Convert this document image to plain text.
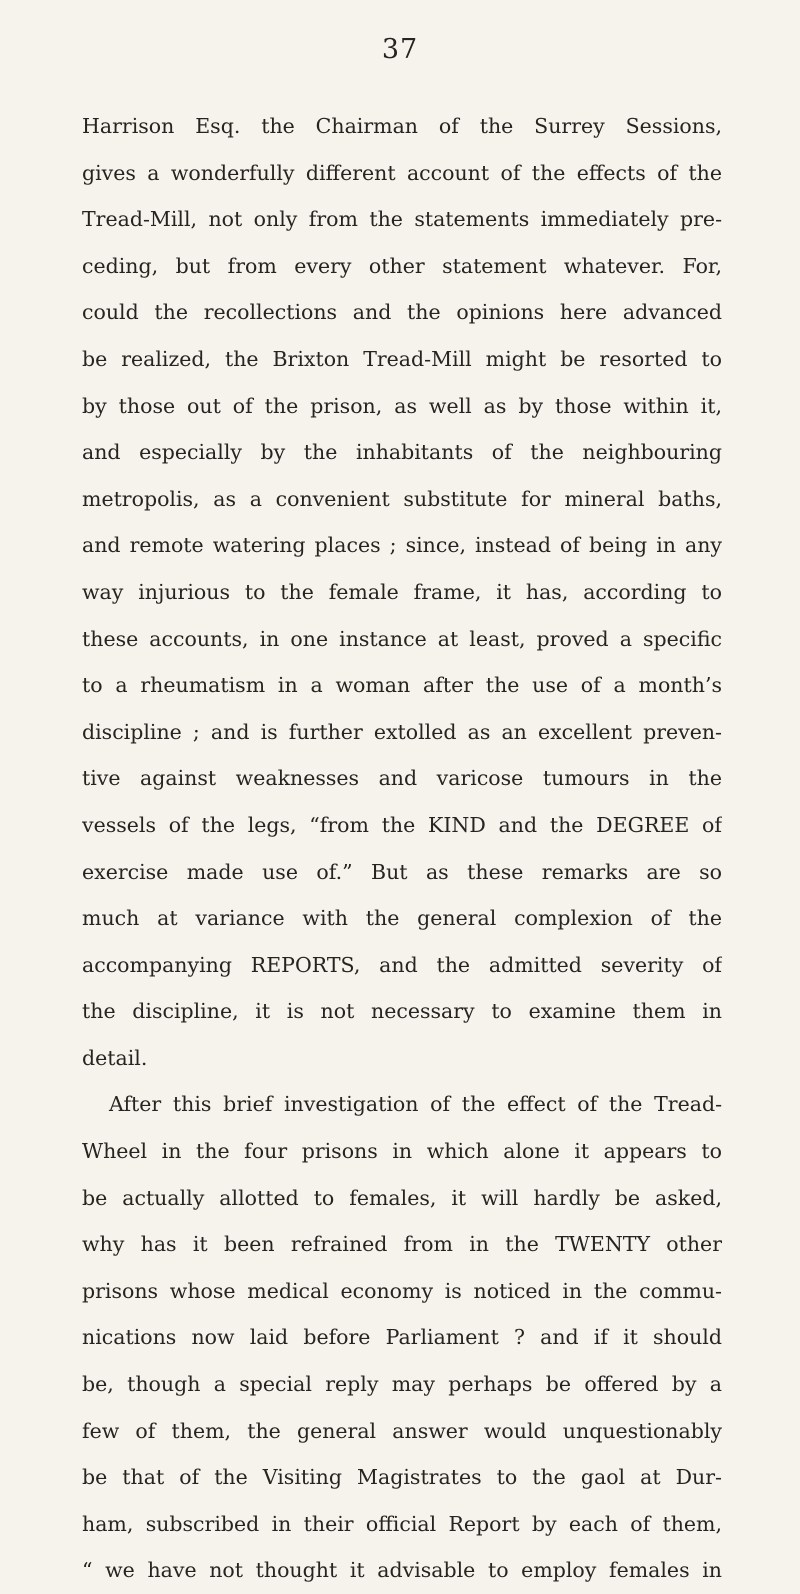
37
Harrison Esq. the Chairman of the Surrey Sessions,
gives a wonderfully different account of the effects of the
Tread-Mill, not only from the statements immediately pre-
ceding, but from every other statement whatever. For,
could the recollections and the opinions here advanced
be realized, the Brixton Tread-Mill might be resorted to
by those out of the prison, as well as by those within it,
and especially by the inhabitants of the neighbouring
metropolis, as a convenient substitute for mineral baths,
and remote watering places ; since, instead of being in any
way injurious to the female frame, it has, according to
these accounts, in one instance at least, proved a specific
to a rheumatism in a woman after the use of a month’s
discipline ; and is further extolled as an excellent preven-
tive against weaknesses and varicose tumours in the
vessels of the legs, “from the KIND and the DEGREE of
exercise made use of.” But as these remarks are so
much at variance with the general complexion of the
accompanying REPORTS, and the admitted severity of
the discipline, it is not necessary to examine them in
detail.
After this brief investigation of the effect of the Tread-
Wheel in the four prisons in which alone it appears to
be actually allotted to females, it will hardly be asked,
why has it been refrained from in the TWENTY other
prisons whose medical economy is noticed in the commu-
nications now laid before Parliament ? and if it should
be, though a special reply may perhaps be offered by a
few of them, the general answer would unquestionably
be that of the Visiting Magistrates to the gaol at Dur-
ham, subscribed in their official Report by each of them,
“ we have not thought it advisable to employ females in
